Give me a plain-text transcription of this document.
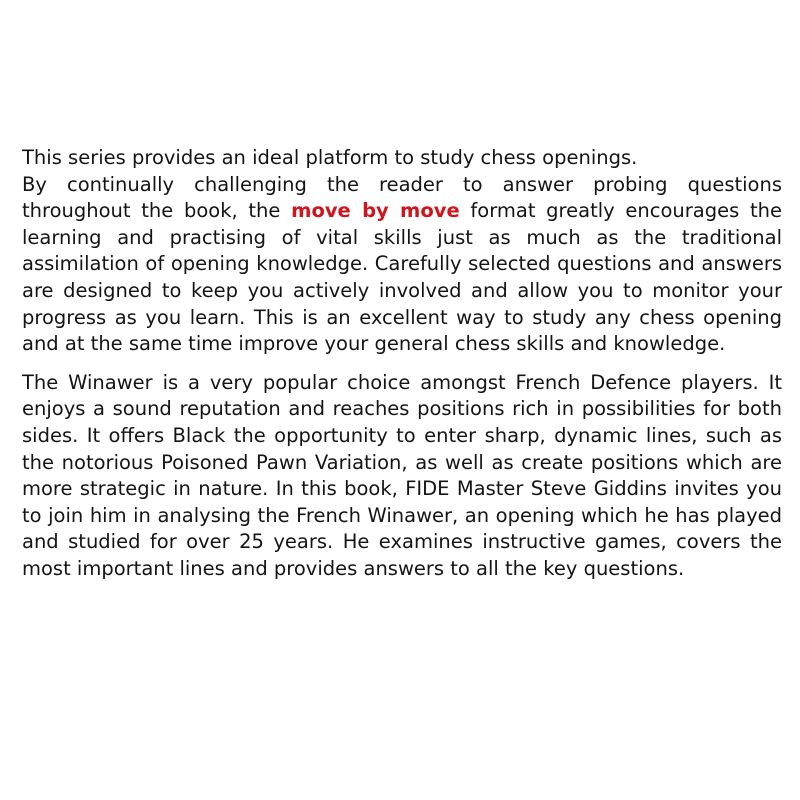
This series provides an ideal platform to study chess openings.

By continually challenging the reader to answer probing questions throughout the book, the move by move format greatly encourages the learning and practising of vital skills just as much as the traditional assimilation of opening knowledge. Carefully selected questions and answers are designed to keep you actively involved and allow you to monitor your progress as you learn. This is an excellent way to study any chess opening and at the same time improve your general chess skills and knowledge.

The Winawer is a very popular choice amongst French Defence players. It enjoys a sound reputation and reaches positions rich in possibilities for both sides. It offers Black the opportunity to enter sharp, dynamic lines, such as the notorious Poisoned Pawn Variation, as well as create positions which are more strategic in nature. In this book, FIDE Master Steve Giddins invites you to join him in analysing the French Winawer, an opening which he has played and studied for over 25 years. He examines instructive games, covers the most important lines and provides answers to all the key questions.
